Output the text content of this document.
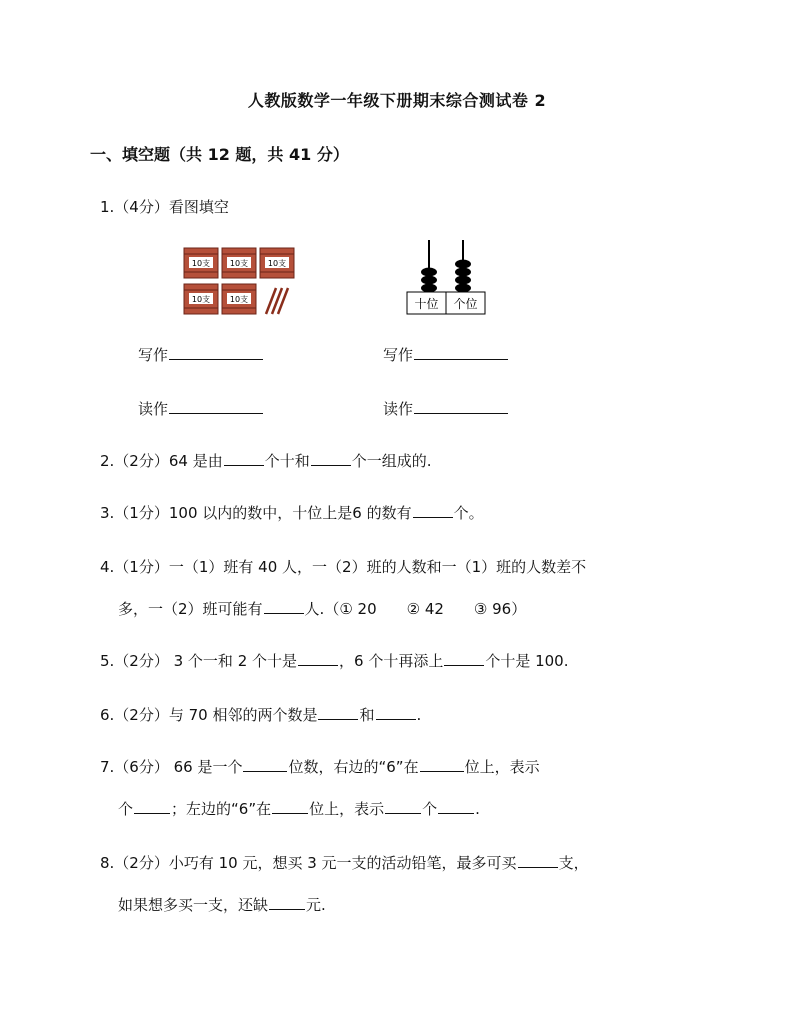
人教版数学一年级下册期末综合测试卷 2
一、填空题（共 12 题，共 41 分）
1.（4分）看图填空
10支 10支 10支
10支 10支	十位 个位
写作	写作
读作	读作
2.（2分）64 是由	个十和	个一组成的.
3.（1分）100 以内的数中，十位上是6 的数有	个。
4.（1分）一（1）班有 40 人，一（2）班的人数和一（1）班的人数差不
多，一（2）班可能有	人.（① 20　　② 42　　③ 96）
5.（2分） 3 个一和 2 个十是	，6 个十再添上	个十是 100.
6.（2分）与 70 相邻的两个数是	和	.
7.（6分） 66 是一个	位数，右边的“6”在	位上，表示
个	；左边的“6”在	位上，表示	个	.
8.（2分）小巧有 10 元，想买 3 元一支的活动铅笔，最多可买	支，
如果想多买一支，还缺	元.
